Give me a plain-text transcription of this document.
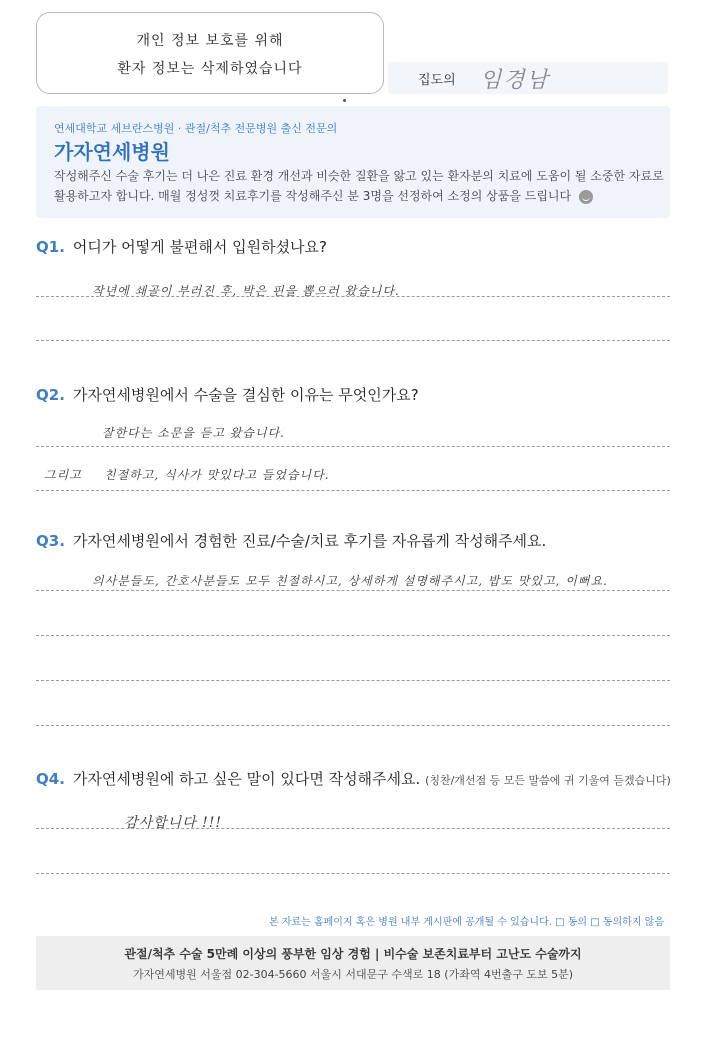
개인 정보 보호를 위해
환자 정보는 삭제하였습니다
집도의 임경남
연세대학교 세브란스병원 · 관절/척추 전문병원 출신 전문의
가자연세병원
작성해주신 수술 후기는 더 나은 진료 환경 개선과 비슷한 질환을 앓고 있는 환자분의 치료에 도움이 될 소중한 자료로
활용하고자 합니다. 매월 정성껏 치료후기를 작성해주신 분 3명을 선정하여 소정의 상품을 드립니다
Q1. 어디가 어떻게 불편해서 입원하셨나요?
작년에 쇄골이 부러진 후, 박은 핀을 뽑으러 왔습니다.
Q2. 가자연세병원에서 수술을 결심한 이유는 무엇인가요?
잘한다는 소문을 듣고 왔습니다.
그리고 친절하고, 식사가 맛있다고 들었습니다.
Q3. 가자연세병원에서 경험한 진료/수술/치료 후기를 자유롭게 작성해주세요.
의사분들도, 간호사분들도 모두 친절하시고, 상세하게 설명해주시고, 밥도 맛있고, 이뻐요.
Q4. 가자연세병원에 하고 싶은 말이 있다면 작성해주세요. (칭찬/개선점 등 모든 말씀에 귀 기울여 듣겠습니다)
감사합니다 !!!
본 자료는 홈페이지 혹은 병원 내부 게시판에 공개될 수 있습니다. □ 동의 □ 동의하지 않음
관절/척추 수술 5만례 이상의 풍부한 임상 경험 | 비수술 보존치료부터 고난도 수술까지
가자연세병원 서울점 02-304-5660 서울시 서대문구 수색로 18 (가좌역 4번출구 도보 5분)
